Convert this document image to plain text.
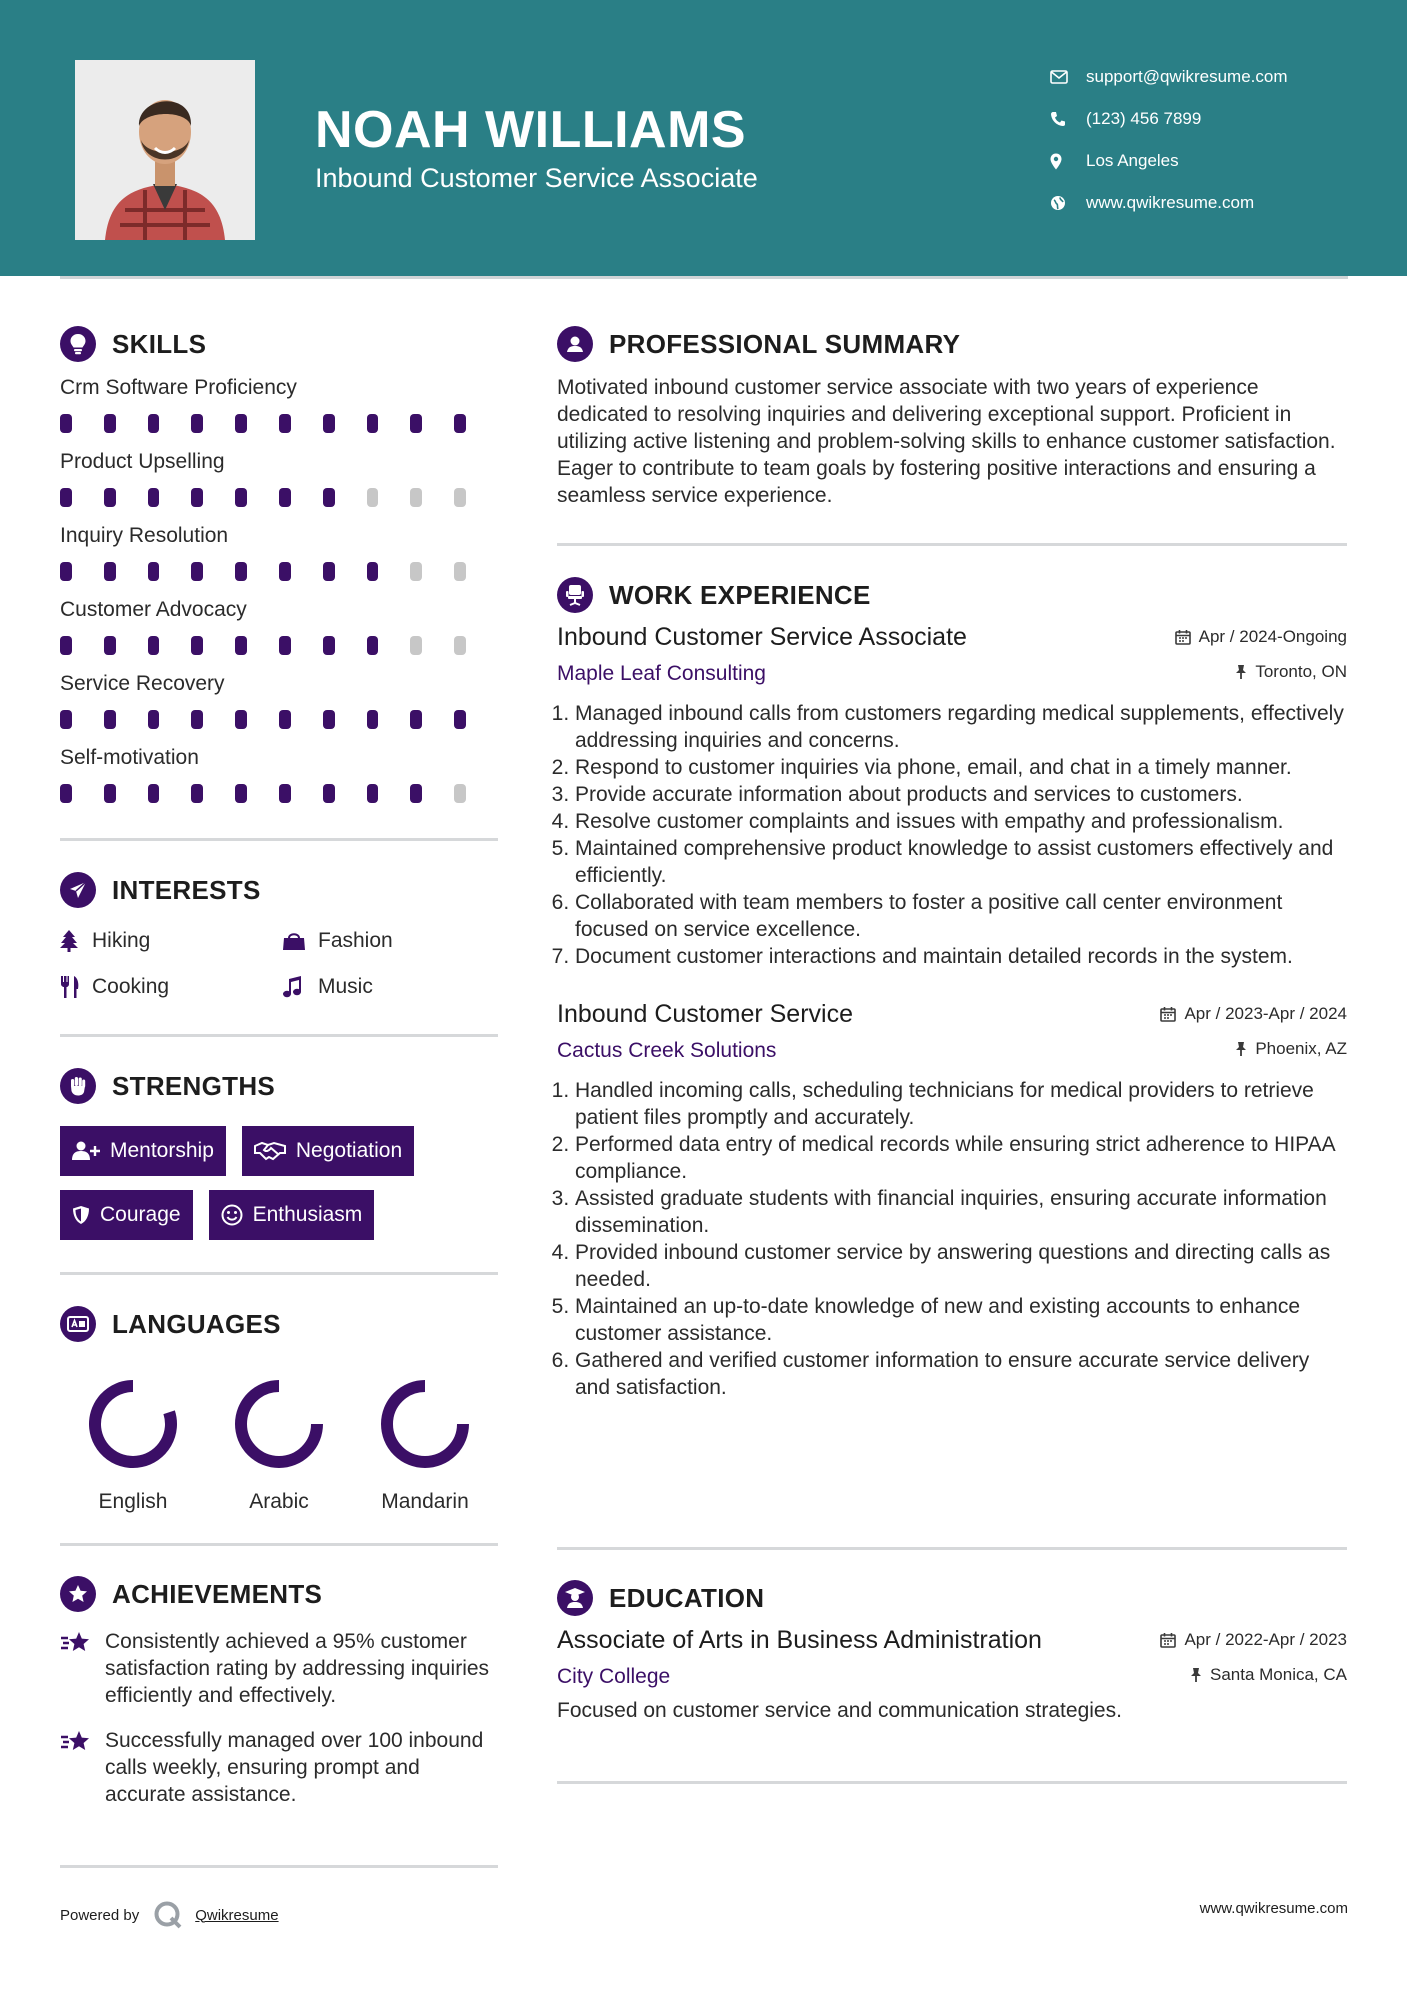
NOAH WILLIAMS
Inbound Customer Service Associate
support@qwikresume.com
(123) 456 7899
Los Angeles
www.qwikresume.com
SKILLS
Crm Software Proficiency
Product Upselling
Inquiry Resolution
Customer Advocacy
Service Recovery
Self-motivation
INTERESTS
Hiking	Fashion
Cooking	Music
STRENGTHS
Mentorship	Negotiation
Courage	Enthusiasm
LANGUAGES
English	Arabic	Mandarin
ACHIEVEMENTS
Consistently achieved a 95% customer satisfaction rating by addressing inquiries efficiently and effectively.
Successfully managed over 100 inbound calls weekly, ensuring prompt and accurate assistance.
PROFESSIONAL SUMMARY

Motivated inbound customer service associate with two years of experience dedicated to resolving inquiries and delivering exceptional support. Proficient in utilizing active listening and problem-solving skills to enhance customer satisfaction. Eager to contribute to team goals by fostering positive interactions and ensuring a seamless service experience.

WORK EXPERIENCE
Inbound Customer Service Associate	Apr / 2024-Ongoing
Maple Leaf Consulting	Toronto, ON
1. Managed inbound calls from customers regarding medical supplements, effectively addressing inquiries and concerns.
2. Respond to customer inquiries via phone, email, and chat in a timely manner.
3. Provide accurate information about products and services to customers.
4. Resolve customer complaints and issues with empathy and professionalism.
5. Maintained comprehensive product knowledge to assist customers effectively and efficiently.
6. Collaborated with team members to foster a positive call center environment focused on service excellence.
7. Document customer interactions and maintain detailed records in the system.
Inbound Customer Service	Apr / 2023-Apr / 2024
Cactus Creek Solutions	Phoenix, AZ
1. Handled incoming calls, scheduling technicians for medical providers to retrieve patient files promptly and accurately.
2. Performed data entry of medical records while ensuring strict adherence to HIPAA compliance.
3. Assisted graduate students with financial inquiries, ensuring accurate information dissemination.
4. Provided inbound customer service by answering questions and directing calls as needed.
5. Maintained an up-to-date knowledge of new and existing accounts to enhance customer assistance.
6. Gathered and verified customer information to ensure accurate service delivery and satisfaction.
EDUCATION
Associate of Arts in Business Administration	Apr / 2022-Apr / 2023
City College	Santa Monica, CA

Focused on customer service and communication strategies.

Powered by	Qwikresume	www.qwikresume.com
